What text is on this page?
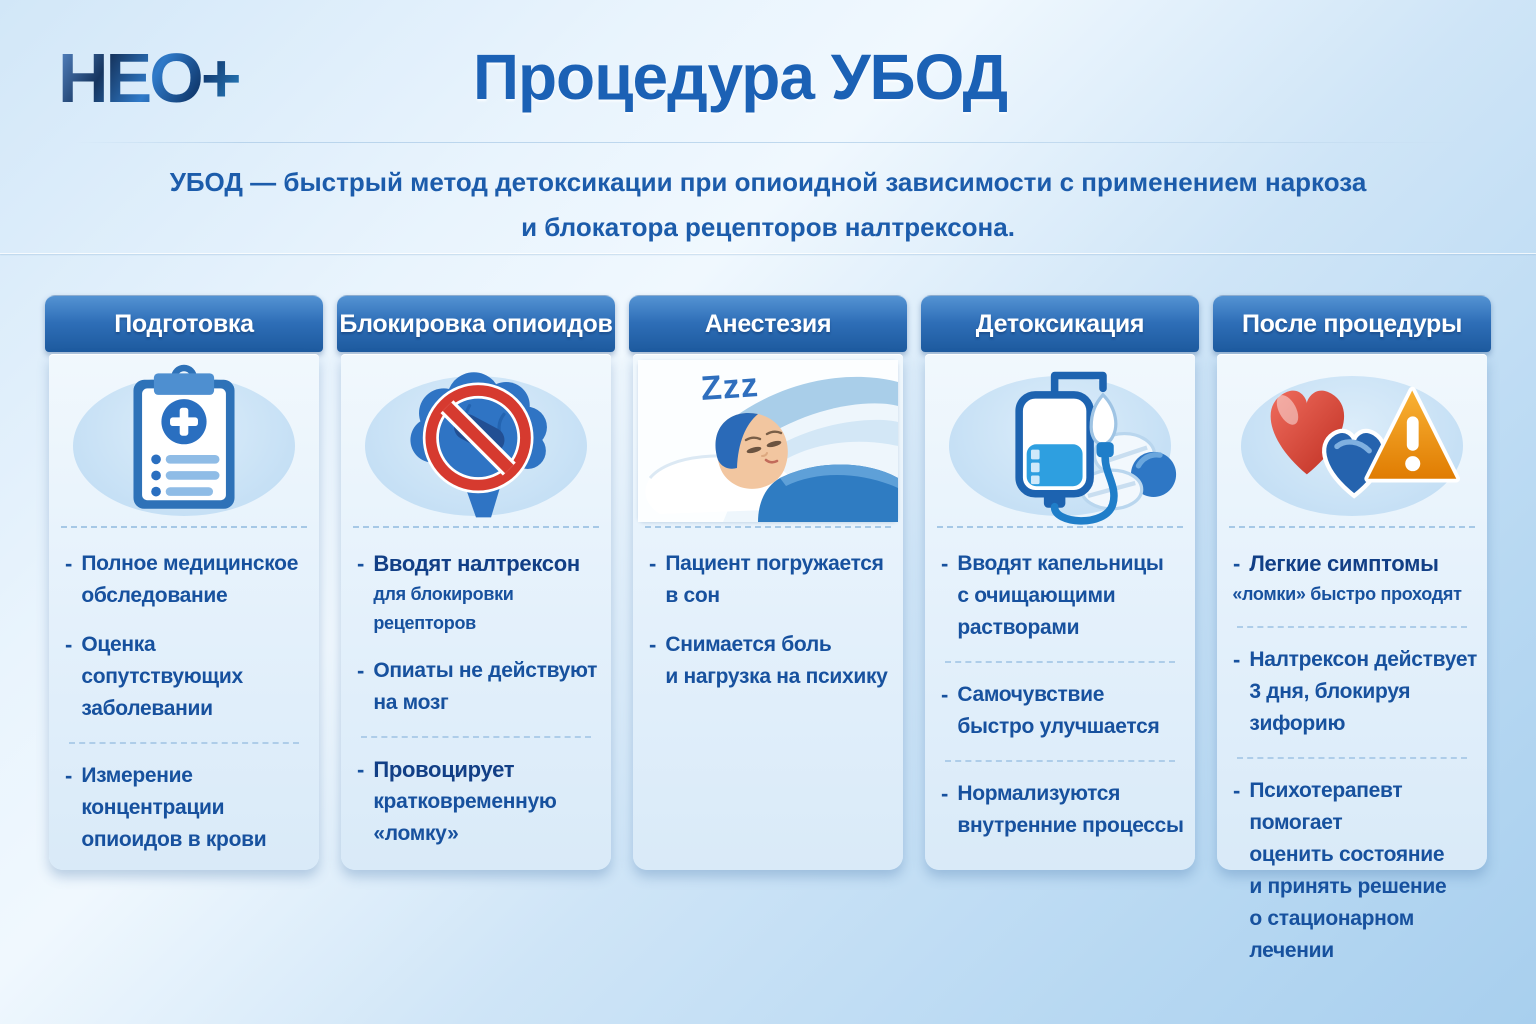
НЕО+	Процедура УБОД
УБОД — быстрый метод детоксикации при опиоидной зависимости с применением наркоза
и блокатора рецепторов налтрексона.
Подготовка
- Полное медицинское
обследование
- Оценка сопутствующих
заболевании
- Измерение концентрации
опиоидов в крови
Блокировка опиоидов
- Вводят налтрексон
для блокировки рецепторов
- Опиаты не действуют
на мозг
- Провоцирует
кратковременную
«ломку»
Анестезия
Zzz
- Пациент погружается
в сон
- Снимается боль
и нагрузка на психику
Детоксикация
- Вводят капельницы
с очищающими
растворами
- Самочувствие
быстро улучшается
- Нормализуются
внутренние процессы
После процедуры
- Легкие симптомы
«ломки» быстро проходят
- Налтрексон действует
3 дня, блокируя зифорию
- Психотерапевт помогает
оценить состояние
и принять решение
о стационарном лечении
